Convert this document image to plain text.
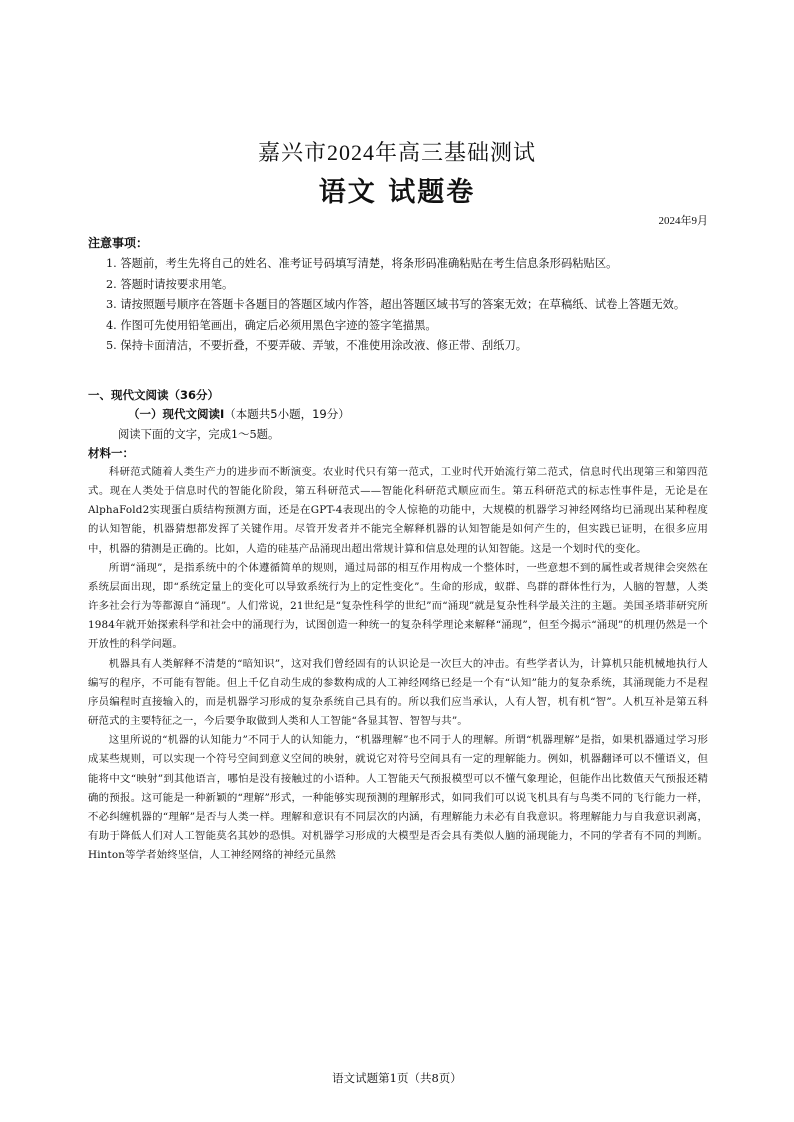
嘉兴市2024年高三基础测试
语文 试题卷
2024年9月
注意事项：
1. 答题前，考生先将自己的姓名、准考证号码填写清楚，将条形码准确粘贴在考生信息条形码粘贴区。
2. 答题时请按要求用笔。
3. 请按照题号顺序在答题卡各题目的答题区域内作答，超出答题区域书写的答案无效；在草稿纸、试卷上答题无效。
4. 作图可先使用铅笔画出，确定后必须用黑色字迹的签字笔描黑。
5. 保持卡面清洁，不要折叠，不要弄破、弄皱，不准使用涂改液、修正带、刮纸刀。
一、现代文阅读（36分）
（一）现代文阅读Ⅰ（本题共5小题，19分）
阅读下面的文字，完成1～5题。
材料一：

科研范式随着人类生产力的进步而不断演变。农业时代只有第一范式，工业时代开始流行第二范式，信息时代出现第三和第四范式。现在人类处于信息时代的智能化阶段，第五科研范式——智能化科研范式顺应而生。第五科研范式的标志性事件是，无论是在AlphaFold2实现蛋白质结构预测方面，还是在GPT-4表现出的令人惊艳的功能中，大规模的机器学习神经网络均已涌现出某种程度的认知智能，机器猜想都发挥了关键作用。尽管开发者并不能完全解释机器的认知智能是如何产生的，但实践已证明，在很多应用中，机器的猜测是正确的。比如，人造的硅基产品涌现出超出常规计算和信息处理的认知智能。这是一个划时代的变化。

所谓“涌现”，是指系统中的个体遵循简单的规则，通过局部的相互作用构成一个整体时，一些意想不到的属性或者规律会突然在系统层面出现，即“系统定量上的变化可以导致系统行为上的定性变化”。生命的形成，蚁群、鸟群的群体性行为，人脑的智慧，人类许多社会行为等都源自“涌现”。人们常说，21世纪是“复杂性科学的世纪”而“涌现”就是复杂性科学最关注的主题。美国圣塔菲研究所1984年就开始探索科学和社会中的涌现行为，试图创造一种统一的复杂科学理论来解释“涌现”，但至今揭示“涌现”的机理仍然是一个开放性的科学问题。

机器具有人类解释不清楚的“暗知识”，这对我们曾经固有的认识论是一次巨大的冲击。有些学者认为，计算机只能机械地执行人编写的程序，不可能有智能。但上千亿自动生成的参数构成的人工神经网络已经是一个有“认知”能力的复杂系统，其涌现能力不是程序员编程时直接输入的，而是机器学习形成的复杂系统自己具有的。所以我们应当承认，人有人智，机有机“智”。人机互补是第五科研范式的主要特征之一，今后要争取做到人类和人工智能“各显其智、智智与共”。

这里所说的“机器的认知能力”不同于人的认知能力，“机器理解”也不同于人的理解。所谓“机器理解”是指，如果机器通过学习形成某些规则，可以实现一个符号空间到意义空间的映射，就说它对符号空间具有一定的理解能力。例如，机器翻译可以不懂语义，但能将中文“映射”到其他语言，哪怕是没有接触过的小语种。人工智能天气预报模型可以不懂气象理论，但能作出比数值天气预报还精确的预报。这可能是一种新颖的“理解”形式，一种能够实现预测的理解形式，如同我们可以说飞机具有与鸟类不同的飞行能力一样，不必纠缠机器的“理解”是否与人类一样。理解和意识有不同层次的内涵，有理解能力未必有自我意识。将理解能力与自我意识剥离，有助于降低人们对人工智能莫名其妙的恐惧。对机器学习形成的大模型是否会具有类似人脑的涌现能力，不同的学者有不同的判断。Hinton等学者始终坚信，人工神经网络的神经元虽然

语文试题第1页（共8页）
